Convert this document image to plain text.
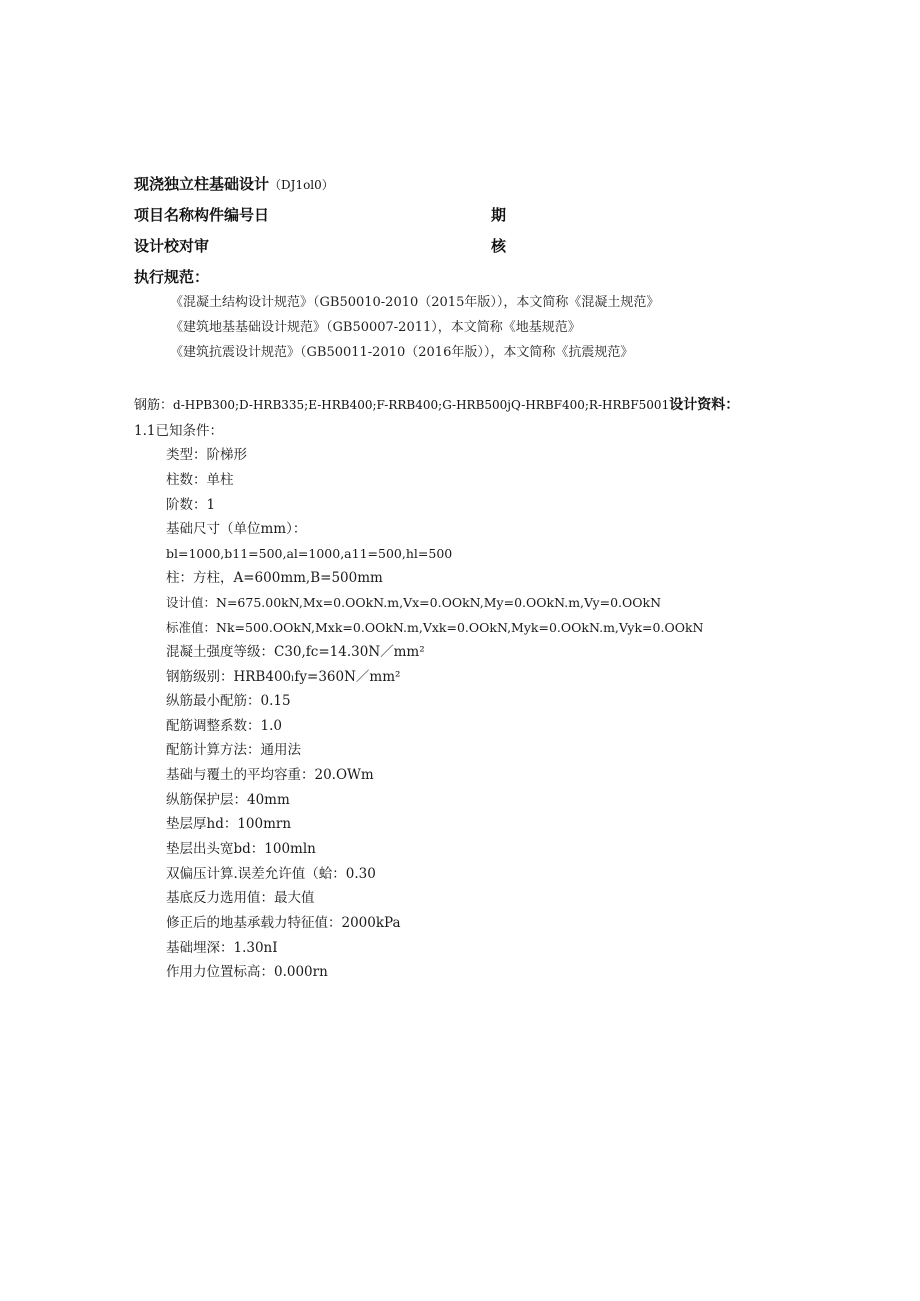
现浇独立柱基础设计（DJ1ol0）
项目名称构件编号日	期
设计校对审	核
执行规范：
《混凝土结构设计规范》（GB50010-2010（2015年版）），本文简称《混凝土规范》
《建筑地基基础设计规范》（GB50007-2011），本文简称《地基规范》
《建筑抗震设计规范》（GB50011-2010（2016年版）），本文简称《抗震规范》
钢筋：d-HPB300;D-HRB335;E-HRB400;F-RRB400;G-HRB500jQ-HRBF400;R-HRBF5001设计资料：
1.1已知条件：
类型：阶梯形
柱数：单柱
阶数：1
基础尺寸（单位mm）：
bl=1000,b11=500,al=1000,a11=500,hl=500
柱：方柱，A=600mm,B=500mm
设计值：N=675.00kN,Mx=0.OOkN.m,Vx=0.OOkN,My=0.OOkN.m,Vy=0.OOkN
标准值：Nk=500.OOkN,Mxk=0.OOkN.m,Vxk=0.OOkN,Myk=0.OOkN.m,Vyk=0.OOkN
混凝土强度等级：C30,fc=14.30N／mm²
钢筋级别：HRB400ₗfy=360N／mm²
纵筋最小配筋：0.15
配筋调整系数：1.0
配筋计算方法：通用法
基础与覆土的平均容重：20.OWm
纵筋保护层：40mm
垫层厚hd：100mrn
垫层出头宽bd：100mln
双偏压计算.误差允许值（蛤：0.30
基底反力选用值：最大值
修正后的地基承载力特征值：2000kPa
基础埋深：1.30nI
作用力位置标高：0.000rn
